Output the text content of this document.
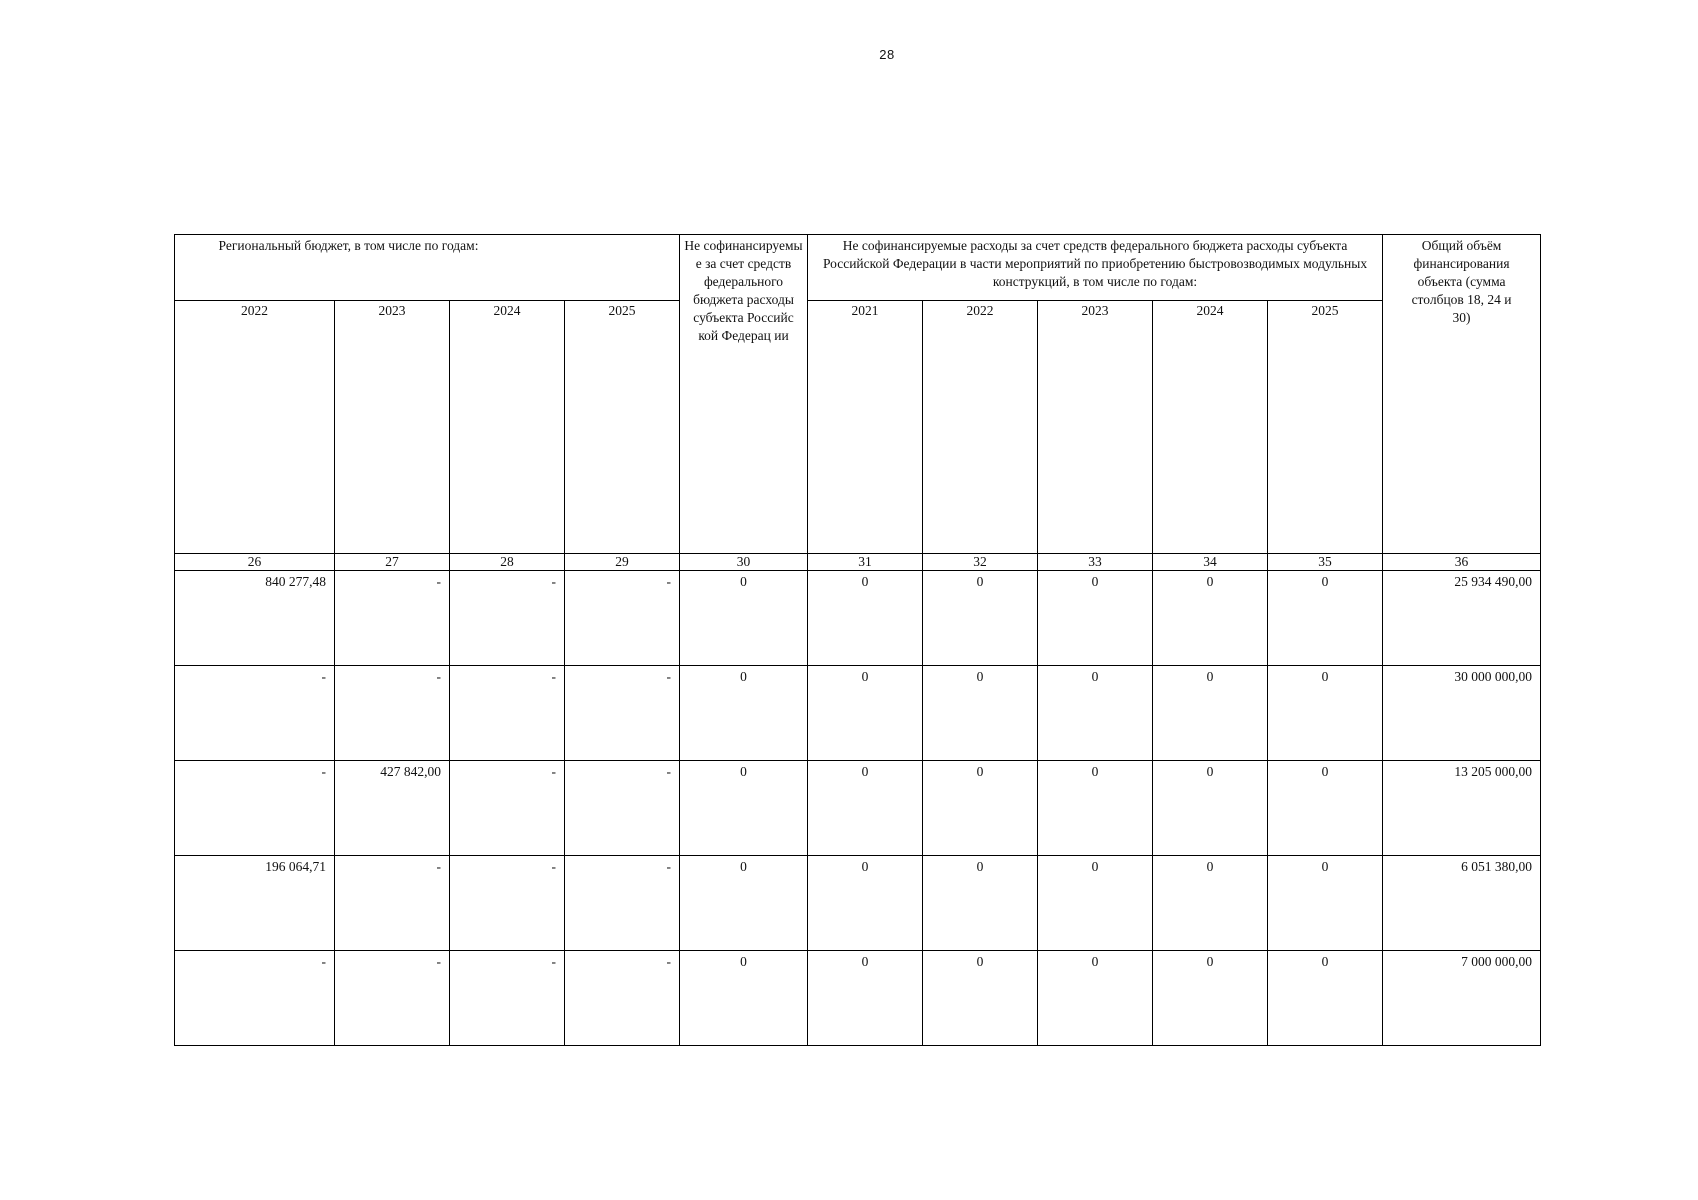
28
Региональный бюджет, в том числе по годам:				Не софинансируемы е за счет средств федерального бюджета расходы субъекта Российс кой Федерац ии	Не софинансируемые расходы за счет средств федерального бюджета расходы субъекта Российской Федерации в части мероприятий по приобретению быстровозводимых модульных конструкций, в том числе по годам:					Общий объём финансирования объекта (сумма столбцов 18, 24 и 30)
2022	2023	2024	2025		2021	2022	2023	2024	2025	
26	27	28	29	30	31	32	33	34	35	36
840 277,48	-	-	-	0	0	0	0	0	0	25 934 490,00
-	-	-	-	0	0	0	0	0	0	30 000 000,00
-	427 842,00	-	-	0	0	0	0	0	0	13 205 000,00
196 064,71	-	-	-	0	0	0	0	0	0	6 051 380,00
-	-	-	-	0	0	0	0	0	0	7 000 000,00
